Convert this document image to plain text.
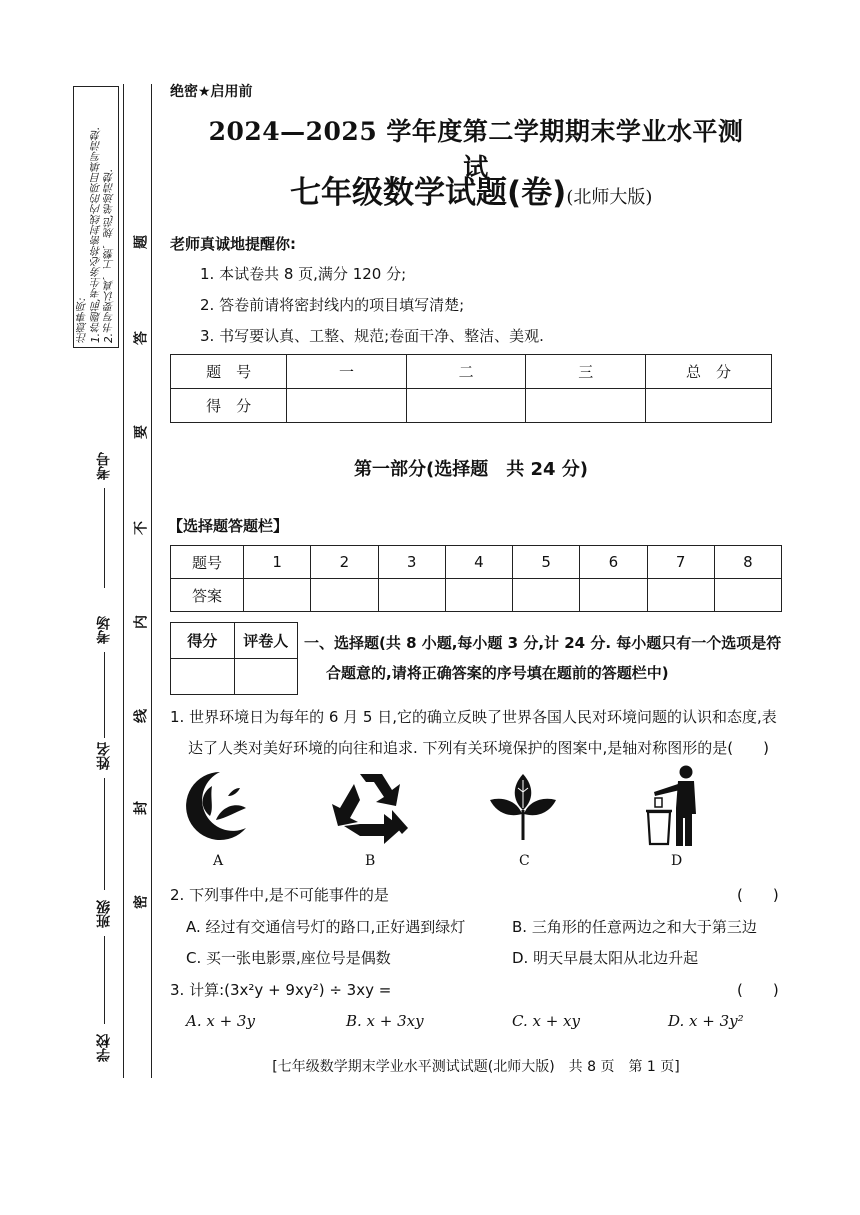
注意事项: 1.答题前,考生务必将密封线内的项目填写清楚. 2.书写要认真、工整、规范,笔迹清楚. 题
答
要
不
内
线
封
密
考号
考场
姓名
班级
学校
绝密★启用前
2024—2025 学年度第二学期期末学业水平测试
七年级数学试题(卷)(北师大版)
老师真诚地提醒你:
1. 本试卷共 8 页,满分 120 分;
2. 答卷前请将密封线内的项目填写清楚;
3. 书写要认真、工整、规范;卷面干净、整洁、美观.
题　号	一	二	三	总　分
得　分				
第一部分(选择题　共 24 分)
【选择题答题栏】
题号	1	2	3	4	5	6	7	8
答案								
得分	评卷人
	一、选择题(共 8 小题,每小题 3 分,计 24 分. 每小题只有一个选项是符
合题意的,请将正确答案的序号填在题前的答题栏中)
1. 世界环境日为每年的 6 月 5 日,它的确立反映了世界各国人民对环境问题的认识和态度,表
达了人类对美好环境的向往和追求. 下列有关环境保护的图案中,是轴对称图形的是(　　)
A	B	C	D
2. 下列事件中,是不可能事件的是	(　　)
A. 经过有交通信号灯的路口,正好遇到绿灯	B. 三角形的任意两边之和大于第三边
C. 买一张电影票,座位号是偶数	D. 明天早晨太阳从北边升起
3. 计算:(3x²y + 9xy²) ÷ 3xy =	(　　)
A. x + 3y	B. x + 3xy	C. x + xy	D. x + 3y²
[七年级数学期末学业水平测试试题(北师大版)　共 8 页　第 1 页]
